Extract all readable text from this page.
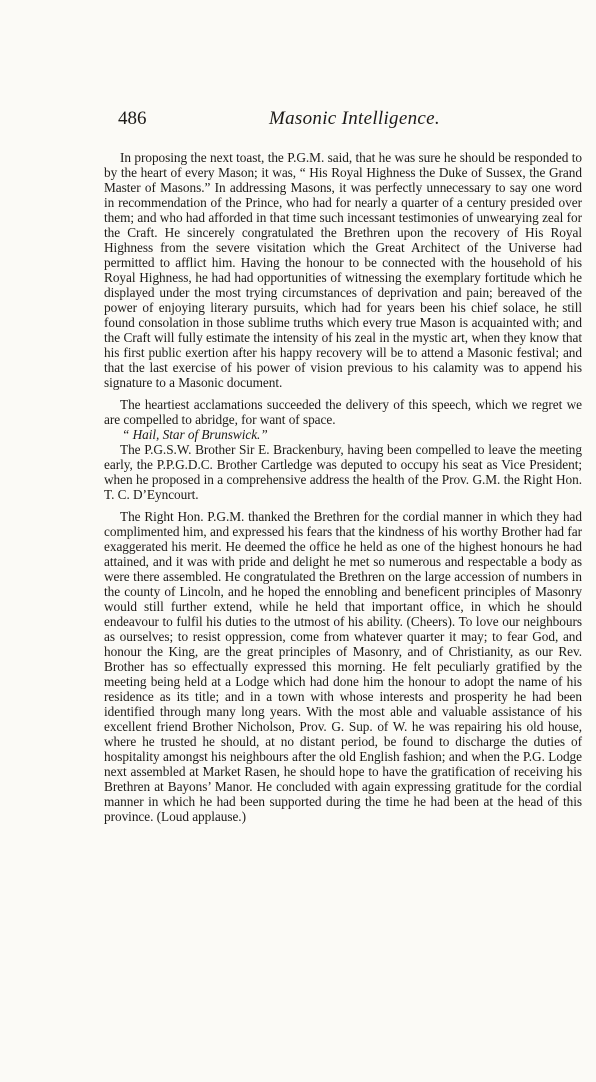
486	Masonic Intelligence.

In proposing the next toast, the P.G.M. said, that he was sure he should be responded to by the heart of every Mason; it was, “ His Royal Highness the Duke of Sussex, the Grand Master of Masons.” In addressing Masons, it was perfectly unnecessary to say one word in recommendation of the Prince, who had for nearly a quarter of a century presided over them; and who had afforded in that time such incessant testimonies of unwearying zeal for the Craft. He sincerely congratulated the Brethren upon the recovery of His Royal Highness from the severe visitation which the Great Architect of the Universe had permitted to afflict him. Having the honour to be connected with the household of his Royal Highness, he had had opportunities of witnessing the exemplary fortitude which he displayed under the most trying circumstances of deprivation and pain; bereaved of the power of enjoying literary pursuits, which had for years been his chief solace, he still found consolation in those sublime truths which every true Mason is acquainted with; and the Craft will fully estimate the intensity of his zeal in the mystic art, when they know that his first public exertion after his happy recovery will be to attend a Masonic festival; and that the last exercise of his power of vision previous to his calamity was to append his signature to a Masonic document.

The heartiest acclamations succeeded the delivery of this speech, which we regret we are compelled to abridge, for want of space.

“ Hail, Star of Brunswick.”

The P.G.S.W. Brother Sir E. Brackenbury, having been compelled to leave the meeting early, the P.P.G.D.C. Brother Cartledge was deputed to occupy his seat as Vice President; when he proposed in a comprehensive address the health of the Prov. G.M. the Right Hon. T. C. D’Eyncourt.

The Right Hon. P.G.M. thanked the Brethren for the cordial manner in which they had complimented him, and expressed his fears that the kindness of his worthy Brother had far exaggerated his merit. He deemed the office he held as one of the highest honours he had attained, and it was with pride and delight he met so numerous and respectable a body as were there assembled. He congratulated the Brethren on the large accession of numbers in the county of Lincoln, and he hoped the ennobling and beneficent principles of Masonry would still further extend, while he held that important office, in which he should endeavour to fulfil his duties to the utmost of his ability. (Cheers). To love our neighbours as ourselves; to resist oppression, come from whatever quarter it may; to fear God, and honour the King, are the great principles of Masonry, and of Christianity, as our Rev. Brother has so effectually expressed this morning. He felt peculiarly gratified by the meeting being held at a Lodge which had done him the honour to adopt the name of his residence as its title; and in a town with whose interests and prosperity he had been identified through many long years. With the most able and valuable assistance of his excellent friend Brother Nicholson, Prov. G. Sup. of W. he was repairing his old house, where he trusted he should, at no distant period, be found to discharge the duties of hospitality amongst his neighbours after the old English fashion; and when the P.G. Lodge next assembled at Market Rasen, he should hope to have the gratification of receiving his Brethren at Bayons’ Manor. He concluded with again expressing gratitude for the cordial manner in which he had been supported during the time he had been at the head of this province. (Loud applause.)
